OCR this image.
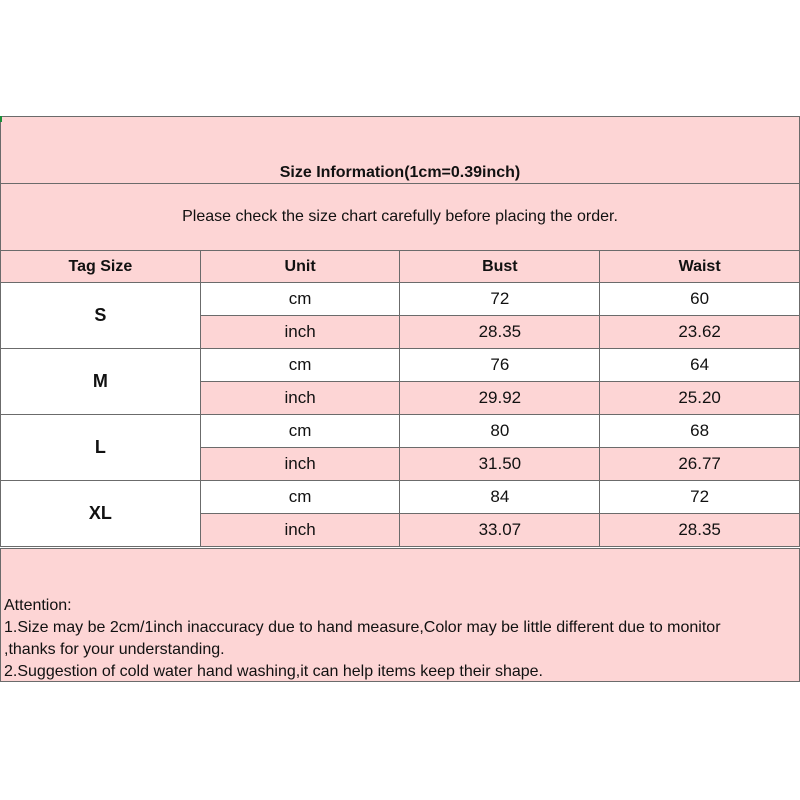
Size Information(1cm=0.39inch)
Please check the size chart carefully before placing the order.
Tag Size	Unit	Bust	Waist
S	cm	72	60
	inch	28.35	23.62
M	cm	76	64
	inch	29.92	25.20
L	cm	80	68
	inch	31.50	26.77
XL	cm	84	72
	inch	33.07	28.35
Attention:
1.Size may be 2cm/1inch inaccuracy due to hand measure,Color may be little different due to monitor
,thanks for your understanding.
2.Suggestion of cold water hand washing,it can help items keep their shape.
